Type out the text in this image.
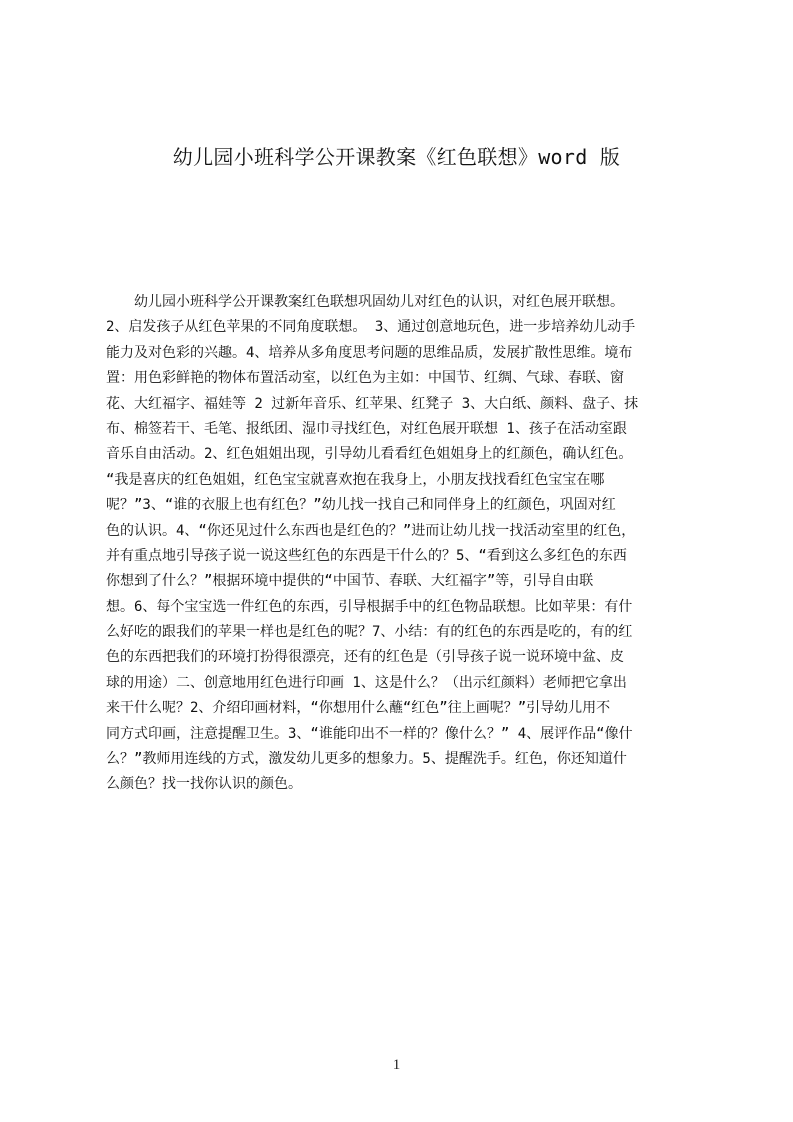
幼儿园小班科学公开课教案《红色联想》word 版
　　幼儿园小班科学公开课教案红色联想巩固幼儿对红色的认识，对红色展开联想。
2、启发孩子从红色苹果的不同角度联想。 3、通过创意地玩色，进一步培养幼儿动手
能力及对色彩的兴趣。4、培养从多角度思考问题的思维品质，发展扩散性思维。境布
置：用色彩鲜艳的物体布置活动室，以红色为主如：中国节、红绸、气球、春联、窗
花、大红福字、福娃等 2 过新年音乐、红苹果、红凳子 3、大白纸、颜料、盘子、抹
布、棉签若干、毛笔、报纸团、湿巾寻找红色，对红色展开联想 1、孩子在活动室跟
音乐自由活动。2、红色姐姐出现，引导幼儿看看红色姐姐身上的红颜色，确认红色。
“我是喜庆的红色姐姐，红色宝宝就喜欢抱在我身上，小朋友找找看红色宝宝在哪
呢？”3、“谁的衣服上也有红色？”幼儿找一找自己和同伴身上的红颜色，巩固对红
色的认识。4、“你还见过什么东西也是红色的？”进而让幼儿找一找活动室里的红色，
并有重点地引导孩子说一说这些红色的东西是干什么的？5、“看到这么多红色的东西
你想到了什么？”根据环境中提供的“中国节、春联、大红福字”等，引导自由联
想。6、每个宝宝选一件红色的东西，引导根据手中的红色物品联想。比如苹果：有什
么好吃的跟我们的苹果一样也是红色的呢？7、小结：有的红色的东西是吃的，有的红
色的东西把我们的环境打扮得很漂亮，还有的红色是（引导孩子说一说环境中盆、皮
球的用途）二、创意地用红色进行印画 1、这是什么？（出示红颜料）老师把它拿出
来干什么呢？2、介绍印画材料，“你想用什么蘸“红色”往上画呢？”引导幼儿用不
同方式印画，注意提醒卫生。3、“谁能印出不一样的？像什么？” 4、展评作品“像什
么？”教师用连线的方式，激发幼儿更多的想象力。5、提醒洗手。红色，你还知道什
么颜色？找一找你认识的颜色。
1
